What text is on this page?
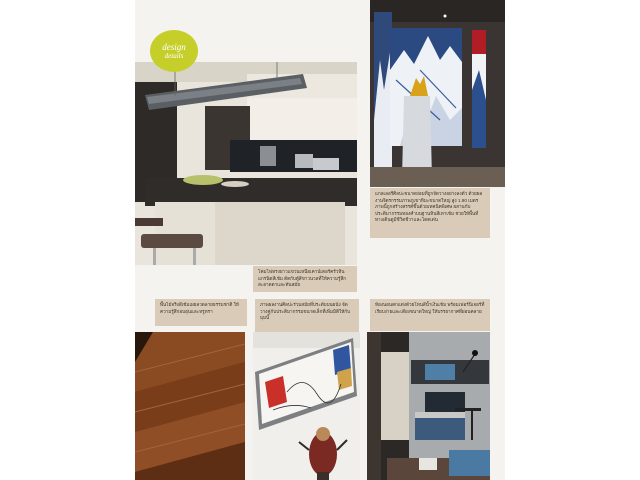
design
details
แกลเลอรีศิลปะขนาดย่อมที่ถูกจัดวางอย่างลงตัว ด้วยผลงานจิตรกรรมภาพภูเขาหิมะขนาดใหญ่ สูง 1.90 เมตร ภาพนี้ถูกสร้างสรรค์ขึ้นด้วยเทคนิคพิเศษ ผสานกับประติมากรรมทองคำบนฐานหินสีเทาเข้ม ช่วยให้พื้นที่ทางเดินดูมีชีวิตชีวาและโดดเด่น
โคมไฟทรงยาวแขวนเหนือเคาน์เตอร์ครัวหินแกรนิตสีเข้ม ตัดกับตู้สีขาวนวลที่ให้ความรู้สึกสะอาดตาและทันสมัย
พื้นไม้จริงสีเข้มเผยลวดลายธรรมชาติ ให้ความรู้สึกอบอุ่นและหรูหรา
ภาพผลงานศิลปะร่วมสมัยที่ประดับบนผนัง จัดวางคู่กับประติมากรรมขนาดเล็กที่เพิ่มมิติให้กับมุมนี้
ห้องนอนตกแต่งด้วยโทนสีน้ำเงินเข้ม พร้อมเฟอร์นิเจอร์ที่เรียบง่ายและเตียงขนาดใหญ่ ให้บรรยากาศที่ผ่อนคลาย
